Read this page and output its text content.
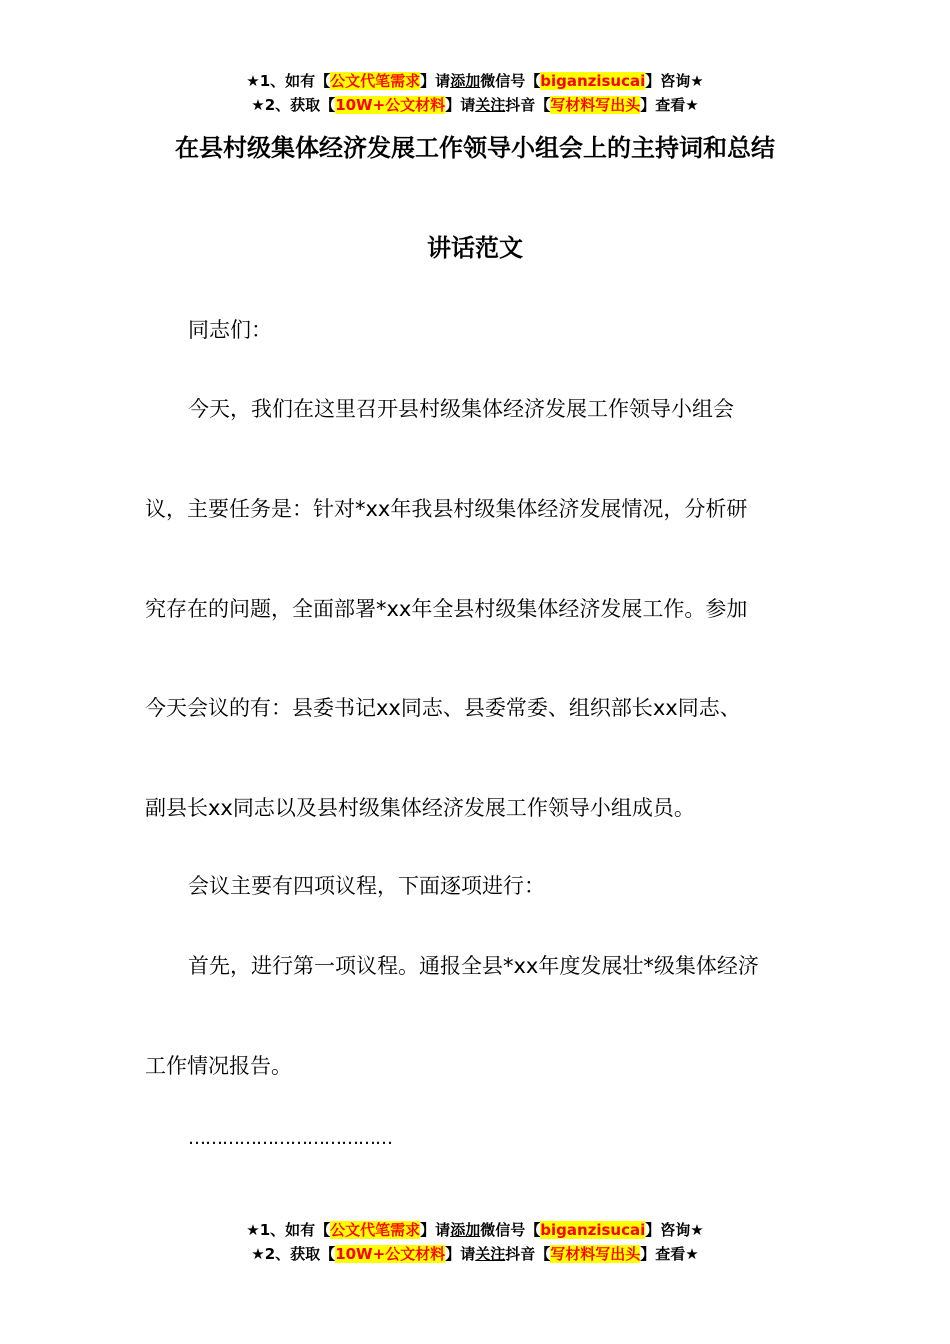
★1、如有【公文代笔需求】请添加微信号【biganzisucai】咨询★
★2、获取【10W+公文材料】请关注抖音【写材料写出头】查看★
在县村级集体经济发展工作领导小组会上的主持词和总结
讲话范文
同志们：
今天，我们在这里召开县村级集体经济发展工作领导小组会
议，主要任务是：针对*xx年我县村级集体经济发展情况，分析研
究存在的问题，全面部署*xx年全县村级集体经济发展工作。参加
今天会议的有：县委书记xx同志、县委常委、组织部长xx同志、
副县长xx同志以及县村级集体经济发展工作领导小组成员。
会议主要有四项议程，下面逐项进行：
首先，进行第一项议程。通报全县*xx年度发展壮*级集体经济
工作情况报告。
………………………………
★1、如有【公文代笔需求】请添加微信号【biganzisucai】咨询★
★2、获取【10W+公文材料】请关注抖音【写材料写出头】查看★
